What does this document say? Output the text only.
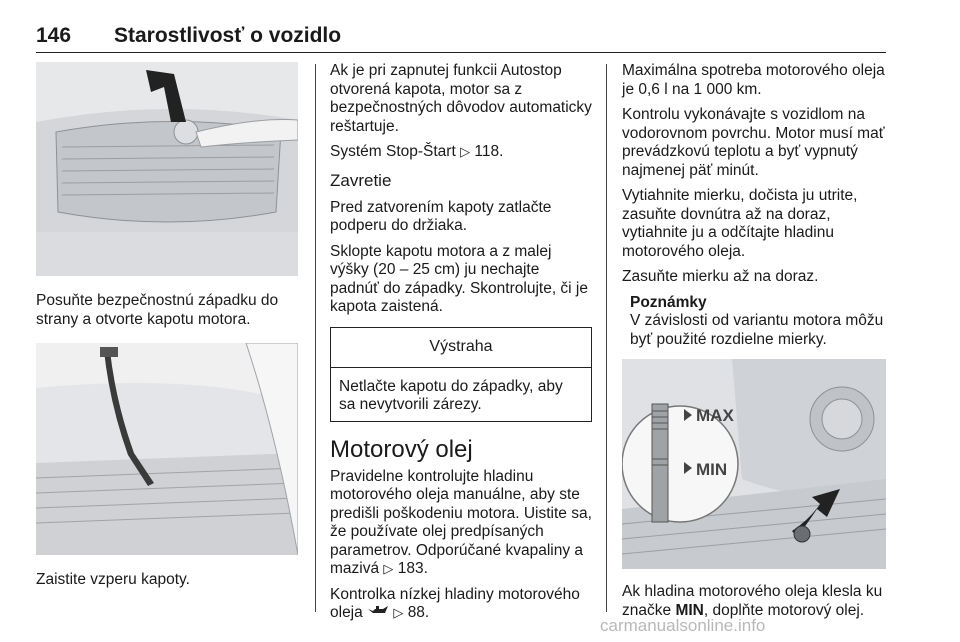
146 Starostlivosť o vozidlo

Posuňte bezpečnostnú západku do strany a otvorte kapotu motora.

Zaistite vzperu kapoty.

Ak je pri zapnutej funkcii Autostop otvorená kapota, motor sa z bezpečnostných dôvodov automaticky reštartuje.

Systém Stop-Štart ▷ 118.

Zavretie

Pred zatvorením kapoty zatlačte podperu do držiaka.

Sklopte kapotu motora a z malej výšky (20 – 25 cm) ju nechajte padnúť do západky. Skontrolujte, či je kapota zaistená.

Výstraha
Netlačte kapotu do západky, aby sa nevytvorili zárezy.
Motorový olej

Pravidelne kontrolujte hladinu motorového oleja manuálne, aby ste predišli poškodeniu motora. Uistite sa, že používate olej predpísaných parametrov. Odporúčané kvapaliny a mazivá ▷ 183.

Kontrolka nízkej hladiny motorového oleja ▷ 88.

Maximálna spotreba motorového oleja je 0,6 l na 1 000 km.

Kontrolu vykonávajte s vozidlom na vodorovnom povrchu. Motor musí mať prevádzkovú teplotu a byť vypnutý najmenej päť minút.

Vytiahnite mierku, dočista ju utrite, zasuňte dovnútra až na doraz, vytiahnite ju a odčítajte hladinu motorového oleja.

Zasuňte mierku až na doraz.

Poznámky
V závislosti od variantu motora môžu byť použité rozdielne mierky.
MAX
MIN

Ak hladina motorového oleja klesla ku značke MIN, doplňte motorový olej.

carmanualsonline.info
